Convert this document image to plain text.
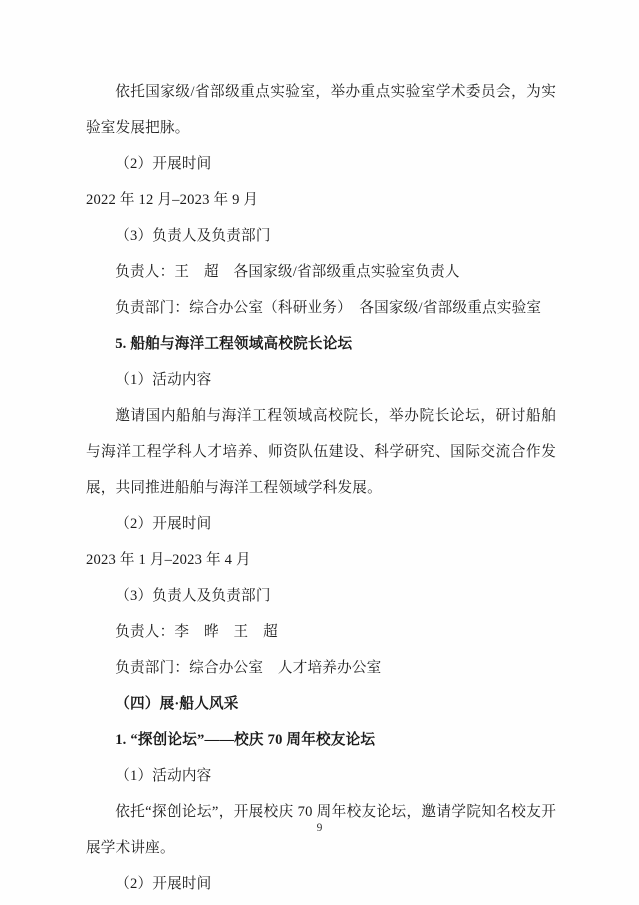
依托国家级/省部级重点实验室，举办重点实验室学术委员会，为实验室发展把脉。

（2）开展时间

2022 年 12 月–2023 年 9 月

（3）负责人及负责部门

负责人：王　超　各国家级/省部级重点实验室负责人

负责部门：综合办公室（科研业务）　各国家级/省部级重点实验室

5. 船舶与海洋工程领域高校院长论坛

（1）活动内容

邀请国内船舶与海洋工程领域高校院长，举办院长论坛，研讨船舶与海洋工程学科人才培养、师资队伍建设、科学研究、国际交流合作发展，共同推进船舶与海洋工程领域学科发展。

（2）开展时间

2023 年 1 月–2023 年 4 月

（3）负责人及负责部门

负责人：李　晔　王　超

负责部门：综合办公室　人才培养办公室

（四）展·船人风采

1. “探创论坛”——校庆 70 周年校友论坛

（1）活动内容

依托“探创论坛”，开展校庆 70 周年校友论坛，邀请学院知名校友开展学术讲座。

（2）开展时间

9
